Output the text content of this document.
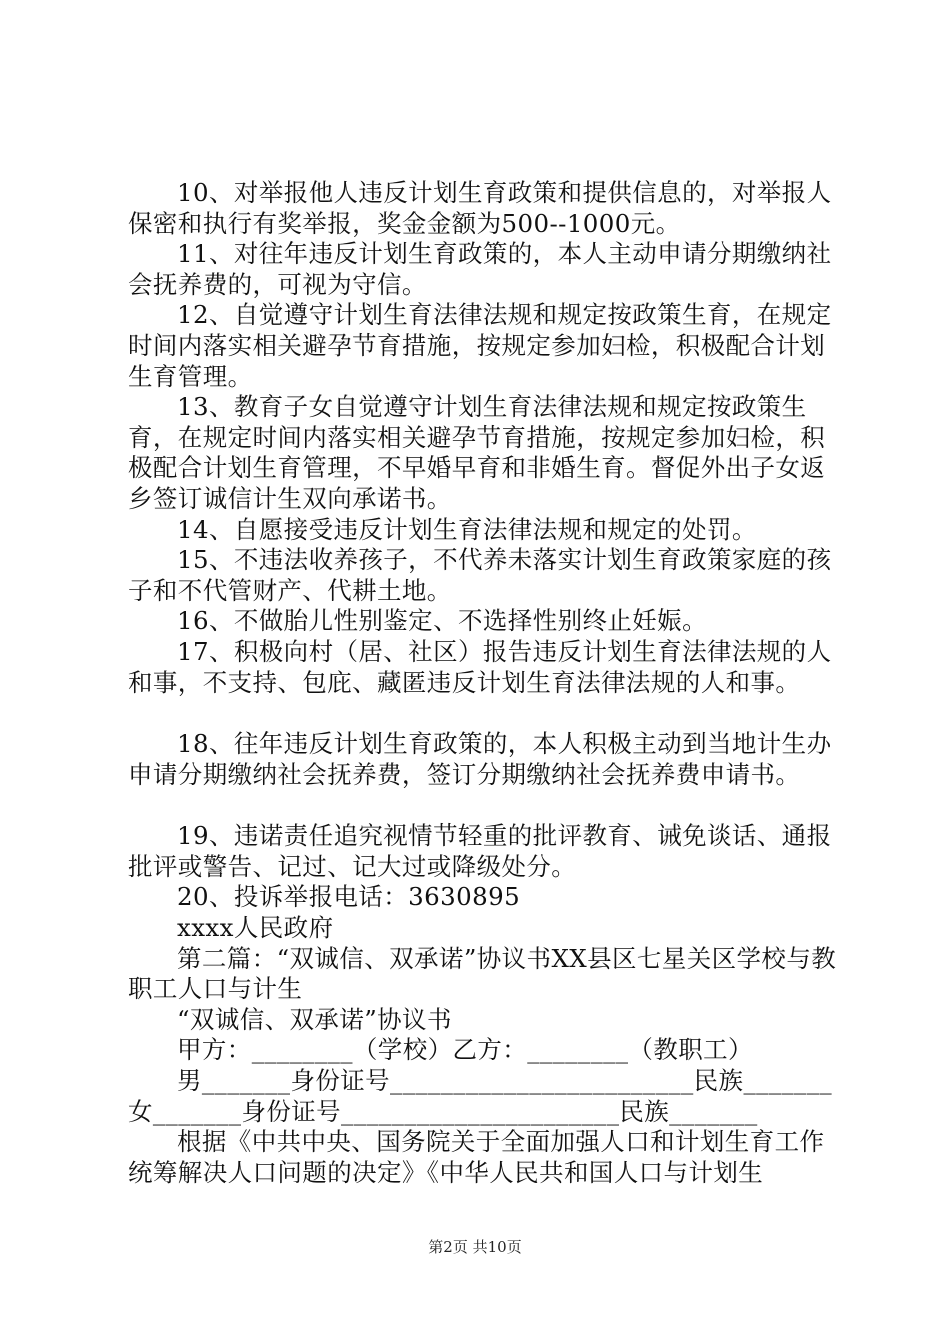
10、对举报他人违反计划生育政策和提供信息的，对举报人保密和执行有奖举报，奖金金额为500--1000元。

11、对往年违反计划生育政策的，本人主动申请分期缴纳社会抚养费的，可视为守信。

12、自觉遵守计划生育法律法规和规定按政策生育，在规定时间内落实相关避孕节育措施，按规定参加妇检，积极配合计划生育管理。

13、教育子女自觉遵守计划生育法律法规和规定按政策生育，在规定时间内落实相关避孕节育措施，按规定参加妇检，积极配合计划生育管理，不早婚早育和非婚生育。督促外出子女返乡签订诚信计生双向承诺书。

14、自愿接受违反计划生育法律法规和规定的处罚。

15、不违法收养孩子，不代养未落实计划生育政策家庭的孩子和不代管财产、代耕土地。

16、不做胎儿性别鉴定、不选择性别终止妊娠。

17、积极向村（居、社区）报告违反计划生育法律法规的人和事，不支持、包庇、藏匿违反计划生育法律法规的人和事。

18、往年违反计划生育政策的，本人积极主动到当地计生办申请分期缴纳社会抚养费，签订分期缴纳社会抚养费申请书。

19、违诺责任追究视情节轻重的批评教育、诫免谈话、通报批评或警告、记过、记大过或降级处分。

20、投诉举报电话：3630895

xxxx人民政府

第二篇：“双诚信、双承诺”协议书XX县区七星关区学校与教职工人口与计生

“双诚信、双承诺”协议书

甲方：________（学校）乙方：________（教职工）

男_______身份证号________________________民族_______

女_______身份证号______________________民族_______

根据《中共中央、国务院关于全面加强人口和计划生育工作统筹解决人口问题的决定》《中华人民共和国人口与计划生

第2页 共10页
